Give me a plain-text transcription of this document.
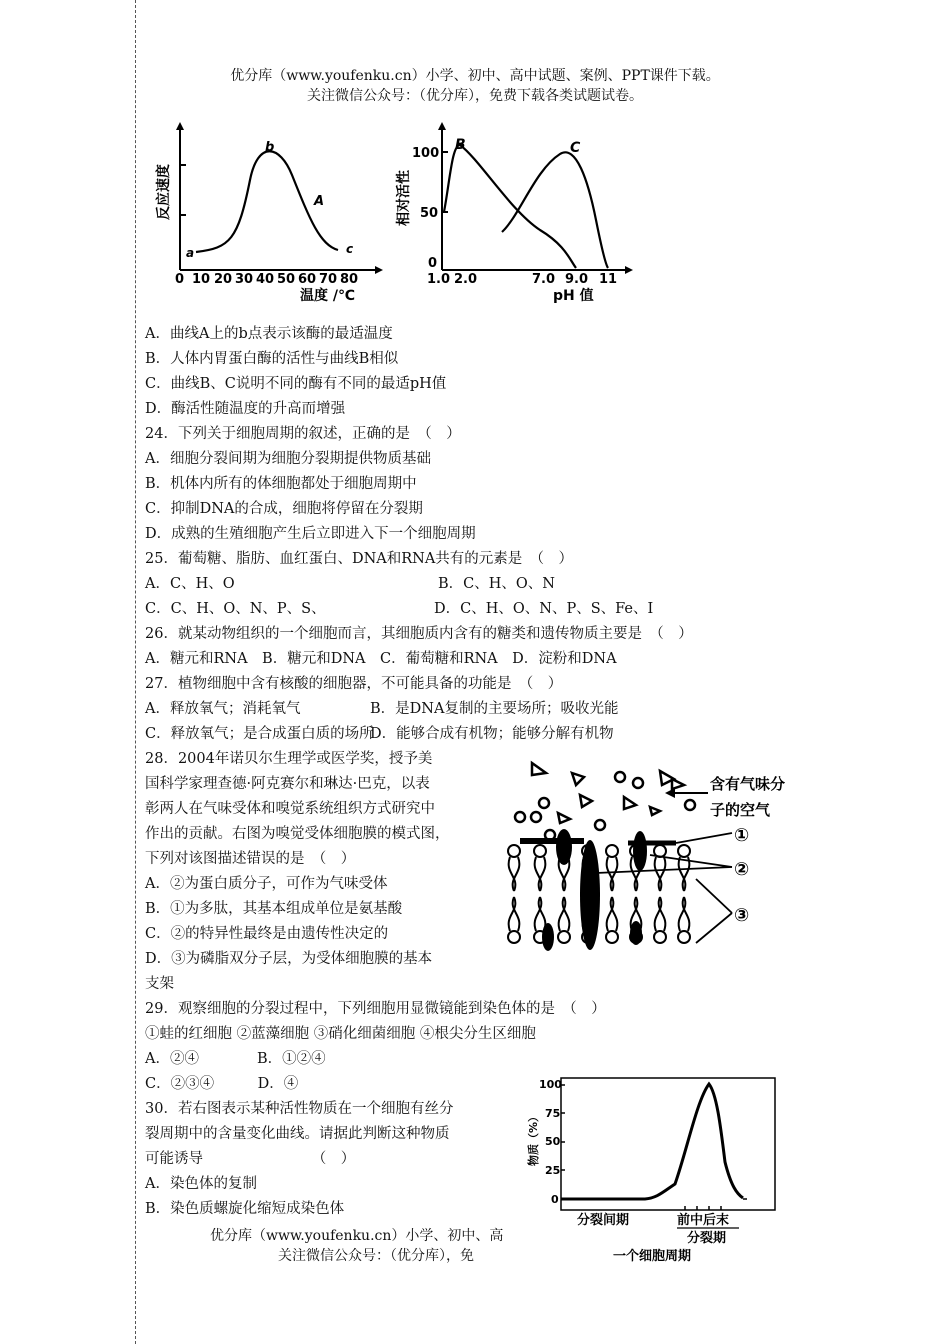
优分库（www.youfenku.cn）小学、初中、高中试题、案例、PPT课件下载。
关注微信公众号：（优分库），免费下载各类试题试卷。
a
b
c
A
0 10 20 30 40 50 60 70 80
温度 /℃
反应速度
B	C
100
50
0
1.0 2.0	7.0 9.0 11
pH 值
相对活性
A．曲线A上的b点表示该酶的最适温度
B．人体内胃蛋白酶的活性与曲线B相似
C．曲线B、C说明不同的酶有不同的最适pH值
D．酶活性随温度的升高而增强
24．下列关于细胞周期的叙述，正确的是　（　）
A．细胞分裂间期为细胞分裂期提供物质基础
B．机体内所有的体细胞都处于细胞周期中
C．抑制DNA的合成，细胞将停留在分裂期
D．成熟的生殖细胞产生后立即进入下一个细胞周期
25．葡萄糖、脂肪、血红蛋白、DNA和RNA共有的元素是　（　）
A．C、H、O	B．C、H、O、N
C．C、H、O、N、P、S、	D．C、H、O、N、P、S、Fe、I
26．就某动物组织的一个细胞而言，其细胞质内含有的糖类和遗传物质主要是　（　）
A．糖元和RNA　B．糖元和DNA　C．葡萄糖和RNA　D．淀粉和DNA
27．植物细胞中含有核酸的细胞器，不可能具备的功能是　（　）
A．释放氧气；消耗氧气	B．是DNA复制的主要场所；吸收光能
C．释放氧气；是合成蛋白质的场所
D．能够合成有机物；能够分解有机物
28．2004年诺贝尔生理学或医学奖，授予美
国科学家理查德·阿克赛尔和琳达·巴克，以表
彰两人在气味受体和嗅觉系统组织方式研究中
作出的贡献。右图为嗅觉受体细胞膜的模式图，
下列对该图描述错误的是　（　）
A．②为蛋白质分子，可作为气味受体
B．①为多肽，其基本组成单位是氨基酸
C．②的特异性最终是由遗传性决定的
D．③为磷脂双分子层，为受体细胞膜的基本
支架
含有气味分
子的空气
①
②
③
29．观察细胞的分裂过程中，下列细胞用显微镜能到染色体的是　（　）
①蛙的红细胞 ②蓝藻细胞 ③硝化细菌细胞 ④根尖分生区细胞
A．②④　　　　B．①②④
C．②③④　　　D．④
30．若右图表示某种活性物质在一个细胞有丝分
裂周期中的含量变化曲线。请据此判断这种物质
可能诱导　　　　　　　　（　）
A．染色体的复制
B．染色质螺旋化缩短成染色体
100
75
50
25
0
物质（%）
分裂间期	前中后末
分裂期
一个细胞周期
优分库（www.youfenku.cn）小学、初中、高
关注微信公众号：（优分库），免
